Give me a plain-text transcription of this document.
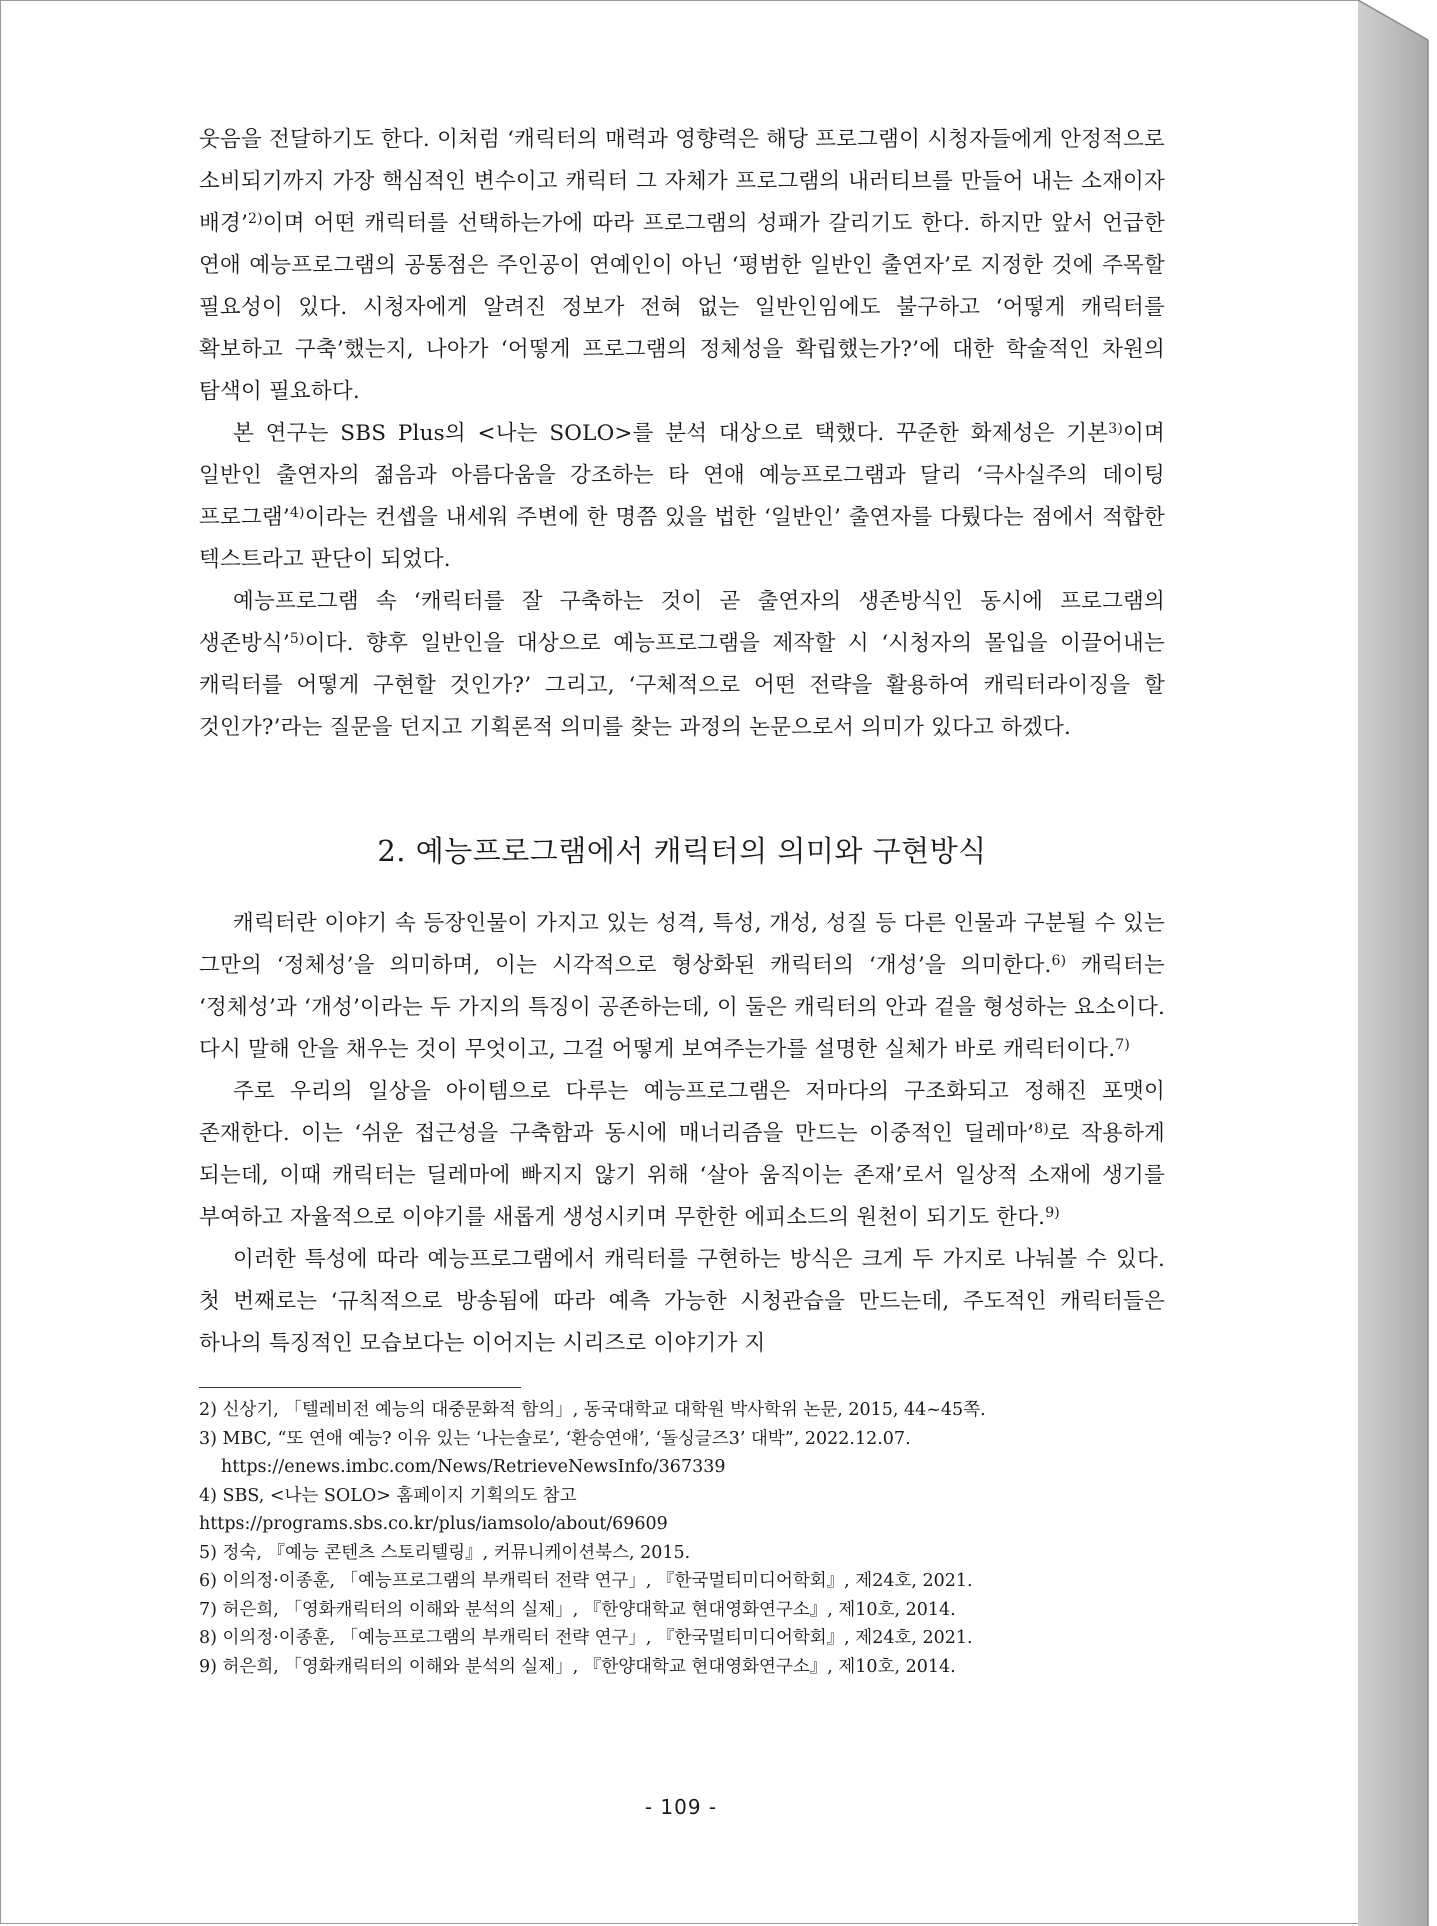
웃음을 전달하기도 한다. 이처럼 ‘캐릭터의 매력과 영향력은 해당 프로그램이 시청자들에게 안정적으로 소비되기까지 가장 핵심적인 변수이고 캐릭터 그 자체가 프로그램의 내러티브를 만들어 내는 소재이자 배경’$^{2)}$이며 어떤 캐릭터를 선택하는가에 따라 프로그램의 성패가 갈리기도 한다. 하지만 앞서 언급한 연애 예능프로그램의 공통점은 주인공이 연예인이 아닌 ‘평범한 일반인 출연자’로 지정한 것에 주목할 필요성이 있다. 시청자에게 알려진 정보가 전혀 없는 일반인임에도 불구하고 ‘어떻게 캐릭터를 확보하고 구축’했는지, 나아가 ‘어떻게 프로그램의 정체성을 확립했는가?’에 대한 학술적인 차원의 탐색이 필요하다.

본 연구는 SBS Plus의 <나는 SOLO>를 분석 대상으로 택했다. 꾸준한 화제성은 기본$^{3)}$이며 일반인 출연자의 젊음과 아름다움을 강조하는 타 연애 예능프로그램과 달리 ‘극사실주의 데이팅 프로그램’$^{4)}$이라는 컨셉을 내세워 주변에 한 명쯤 있을 법한 ‘일반인’ 출연자를 다뤘다는 점에서 적합한 텍스트라고 판단이 되었다.

예능프로그램 속 ‘캐릭터를 잘 구축하는 것이 곧 출연자의 생존방식인 동시에 프로그램의 생존방식’$^{5)}$이다. 향후 일반인을 대상으로 예능프로그램을 제작할 시 ‘시청자의 몰입을 이끌어내는 캐릭터를 어떻게 구현할 것인가?’ 그리고, ‘구체적으로 어떤 전략을 활용하여 캐릭터라이징을 할 것인가?’라는 질문을 던지고 기획론적 의미를 찾는 과정의 논문으로서 의미가 있다고 하겠다.

2. 예능프로그램에서 캐릭터의 의미와 구현방식

캐릭터란 이야기 속 등장인물이 가지고 있는 성격, 특성, 개성, 성질 등 다른 인물과 구분될 수 있는 그만의 ‘정체성’을 의미하며, 이는 시각적으로 형상화된 캐릭터의 ‘개성’을 의미한다.$^{6)}$ 캐릭터는 ‘정체성’과 ‘개성’이라는 두 가지의 특징이 공존하는데, 이 둘은 캐릭터의 안과 겉을 형성하는 요소이다. 다시 말해 안을 채우는 것이 무엇이고, 그걸 어떻게 보여주는가를 설명한 실체가 바로 캐릭터이다.$^{7)}$

주로 우리의 일상을 아이템으로 다루는 예능프로그램은 저마다의 구조화되고 정해진 포맷이 존재한다. 이는 ‘쉬운 접근성을 구축함과 동시에 매너리즘을 만드는 이중적인 딜레마’$^{8)}$로 작용하게 되는데, 이때 캐릭터는 딜레마에 빠지지 않기 위해 ‘살아 움직이는 존재’로서 일상적 소재에 생기를 부여하고 자율적으로 이야기를 새롭게 생성시키며 무한한 에피소드의 원천이 되기도 한다.$^{9)}$

이러한 특성에 따라 예능프로그램에서 캐릭터를 구현하는 방식은 크게 두 가지로 나눠볼 수 있다. 첫 번째로는 ‘규칙적으로 방송됨에 따라 예측 가능한 시청관습을 만드는데, 주도적인 캐릭터들은 하나의 특징적인 모습보다는 이어지는 시리즈로 이야기가 지

2) 신상기, 「텔레비전 예능의 대중문화적 함의」, 동국대학교 대학원 박사학위 논문, 2015, 44~45쪽.

3) MBC, “또 연애 예능? 이유 있는 ‘나는솔로’, ‘환승연애’, ‘돌싱글즈3’ 대박”, 2022.12.07.

https://enews.imbc.com/News/RetrieveNewsInfo/367339

4) SBS, <나는 SOLO> 홈페이지 기획의도 참고

https://programs.sbs.co.kr/plus/iamsolo/about/69609

5) 정숙, 『예능 콘텐츠 스토리텔링』, 커뮤니케이션북스, 2015.

6) 이의정·이종훈, 「예능프로그램의 부캐릭터 전략 연구」, 『한국멀티미디어학회』, 제24호, 2021.

7) 허은희, 「영화캐릭터의 이해와 분석의 실제」, 『한양대학교 현대영화연구소』, 제10호, 2014.

8) 이의정·이종훈, 「예능프로그램의 부캐릭터 전략 연구」, 『한국멀티미디어학회』, 제24호, 2021.

9) 허은희, 「영화캐릭터의 이해와 분석의 실제」, 『한양대학교 현대영화연구소』, 제10호, 2014.

- 109 -
